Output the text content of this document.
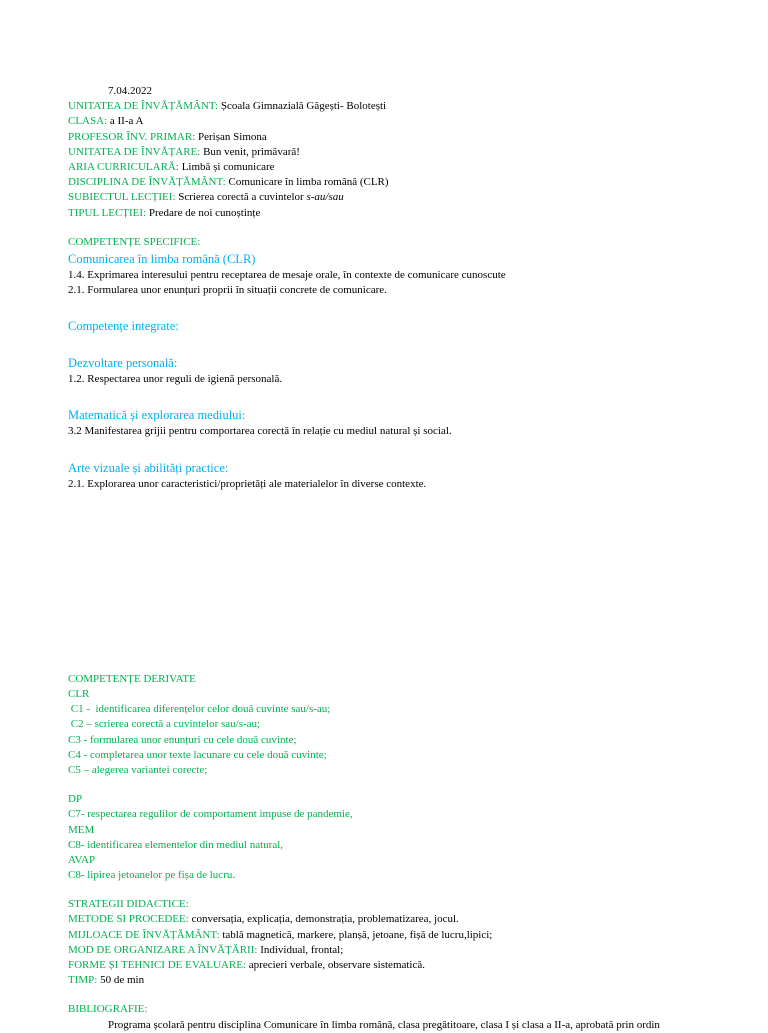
7.04.2022
UNITATEA DE ÎNVĂȚĂMÂNT: Școala Gimnazială Găgești- Bolotești
CLASA: a II-a A
PROFESOR ÎNV. PRIMAR: Perișan Simona
UNITATEA DE ÎNVĂȚARE: Bun venit, primăvară!
ARIA CURRICULARĂ: Limbă și comunicare
DISCIPLINA DE ÎNVĂȚĂMÂNT: Comunicare în limba română (CLR)
SUBIECTUL LECȚIEI: Scrierea corectă a cuvintelor s-au/sau
TIPUL LECȚIEI: Predare de noi cunoștințe
COMPETENȚE SPECIFICE:
Comunicarea în limba română (CLR)
1.4. Exprimarea interesului pentru receptarea de mesaje orale, în contexte de comunicare cunoscute
2.1. Formularea unor enunțuri proprii în situații concrete de comunicare.
Competențe integrate:
Dezvoltare personală:
1.2. Respectarea unor reguli de igienă personală.
Matematică și explorarea mediului:
3.2 Manifestarea grijii pentru comportarea corectă în relație cu mediul natural și social.
Arte vizuale și abilități practice:
2.1. Explorarea unor caracteristici/proprietăți ale materialelor în diverse contexte.
COMPETENȚE DERIVATE
CLR
C1 -  identificarea diferențelor celor două cuvinte sau/s-au;
C2 – scrierea corectă a cuvintelor sau/s-au;
C3 - formularea unor enunțuri cu cele două cuvinte;
C4 - completarea unor texte lacunare cu cele două cuvinte;
C5 – alegerea variantei corecte;
DP
C7- respectarea regulilor de comportament impuse de pandemie,
MEM
C8- identificarea elementelor din mediul natural,
AVAP
C8- lipirea jetoanelor pe fișa de lucru.
STRATEGII DIDACTICE:
METODE SI PROCEDEE: conversația, explicația, demonstrația, problematizarea, jocul.
MIJLOACE DE ÎNVĂȚĂMÂNT: tablă magnetică, markere, planșă, jetoane, fișă de lucru,lipici;
MOD DE ORGANIZARE A ÎNVĂȚĂRII: Individual, frontal;
FORME ȘI TEHNICI DE EVALUARE: aprecieri verbale, observare sistematică.
TIMP: 50 de min
BIBLIOGRAFIE:
Programa școlară pentru disciplina Comunicare în limba română, clasa pregătitoare, clasa I și clasa a II-a, aprobată prin ordin
